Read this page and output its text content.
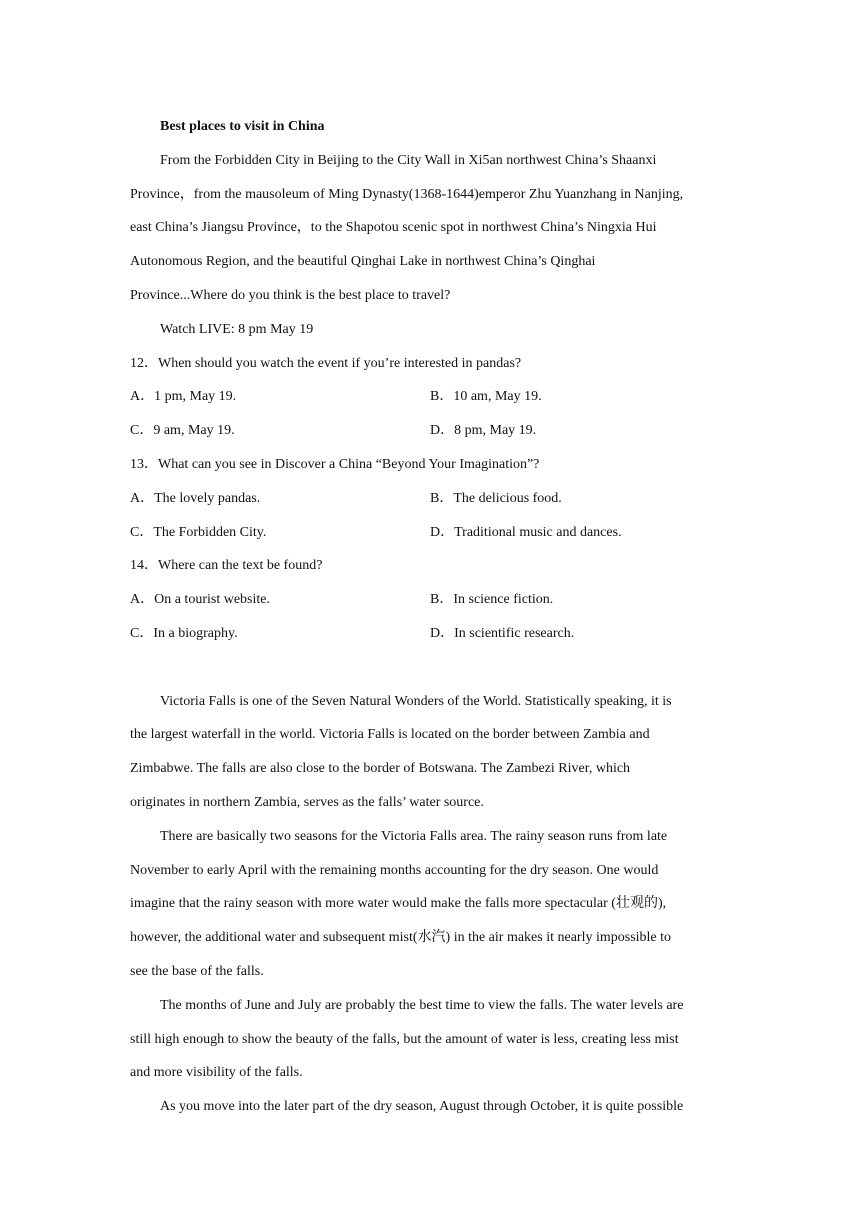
Best places to visit in China
From the Forbidden City in Beijing to the City Wall in Xi5an northwest China’s Shaanxi
Province，from the mausoleum of Ming Dynasty(1368-1644)emperor Zhu Yuanzhang in Nanjing,
east China’s Jiangsu Province，to the Shapotou scenic spot in northwest China’s Ningxia Hui
Autonomous Region, and the beautiful Qinghai Lake in northwest China’s Qinghai
Province...Where do you think is the best place to travel?
Watch LIVE: 8 pm May 19
12．When should you watch the event if you’re interested in pandas?
A．1 pm, May 19.	B．10 am, May 19.
C．9 am, May 19.	D．8 pm, May 19.
13．What can you see in Discover a China “Beyond Your Imagination”?
A．The lovely pandas.	B．The delicious food.
C．The Forbidden City.	D．Traditional music and dances.
14．Where can the text be found?
A．On a tourist website.	B．In science fiction.
C．In a biography.	D．In scientific research.
Victoria Falls is one of the Seven Natural Wonders of the World. Statistically speaking, it is
the largest waterfall in the world. Victoria Falls is located on the border between Zambia and
Zimbabwe. The falls are also close to the border of Botswana. The Zambezi River, which
originates in northern Zambia, serves as the falls’ water source.
There are basically two seasons for the Victoria Falls area. The rainy season runs from late
November to early April with the remaining months accounting for the dry season. One would
imagine that the rainy season with more water would make the falls more spectacular (壮观的),
however, the additional water and subsequent mist(水汽) in the air makes it nearly impossible to
see the base of the falls.
The months of June and July are probably the best time to view the falls. The water levels are
still high enough to show the beauty of the falls, but the amount of water is less, creating less mist
and more visibility of the falls.
As you move into the later part of the dry season, August through October, it is quite possible
